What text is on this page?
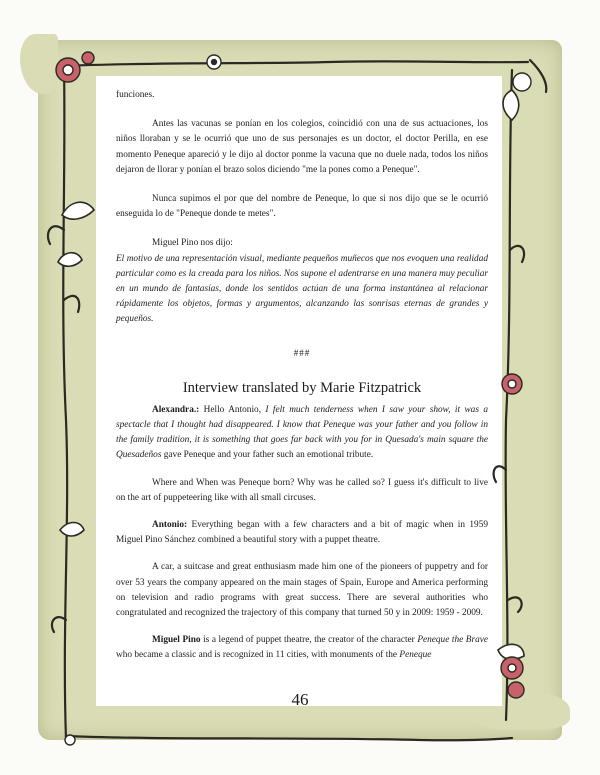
funciones.

Antes las vacunas se ponían en los colegios, coincidió con una de sus actuaciones, los niños lloraban y se le ocurrió que uno de sus personajes es un doctor, el doctor Perilla, en ese momento Peneque apareció y le dijo al doctor ponme la vacuna que no duele nada, todos los niños dejaron de llorar y ponían el brazo solos diciendo "me la pones como a Peneque".

Nunca supimos el por que del nombre de Peneque, lo que si nos dijo que se le ocurrió enseguida lo de "Peneque donde te metes".

Miguel Pino nos dijo:

El motivo de una representación visual, mediante pequeños muñecos que nos evoquen una realidad particular como es la creada para los niños. Nos supone el adentrarse en una manera muy peculiar en un mundo de fantasías, donde los sentidos actúan de una forma instantánea al relacionar rápidamente los objetos, formas y argumentos, alcanzando las sonrisas eternas de grandes y pequeños.

###

Interview translated by Marie Fitzpatrick

Alexandra.: Hello Antonio, I felt much tenderness when I saw your show, it was a spectacle that I thought had disappeared. I know that Peneque was your father and you follow in the family tradition, it is something that goes far back with you for in Quesada's main square the Quesadeños gave Peneque and your father such an emotional tribute.

Where and When was Peneque born? Why was he called so? I guess it's difficult to live on the art of puppeteering like with all small circuses.

Antonio: Everything began with a few characters and a bit of magic when in 1959 Miguel Pino Sánchez combined a beautiful story with a puppet theatre.

A car, a suitcase and great enthusiasm made him one of the pioneers of puppetry and for over 53 years the company appeared on the main stages of Spain, Europe and America performing on television and radio programs with great success. There are several authorities who congratulated and recognized the trajectory of this company that turned 50 y in 2009: 1959 - 2009.

Miguel Pino is a legend of puppet theatre, the creator of the character Peneque the Brave who became a classic and is recognized in 11 cities, with monuments of the Peneque

46
